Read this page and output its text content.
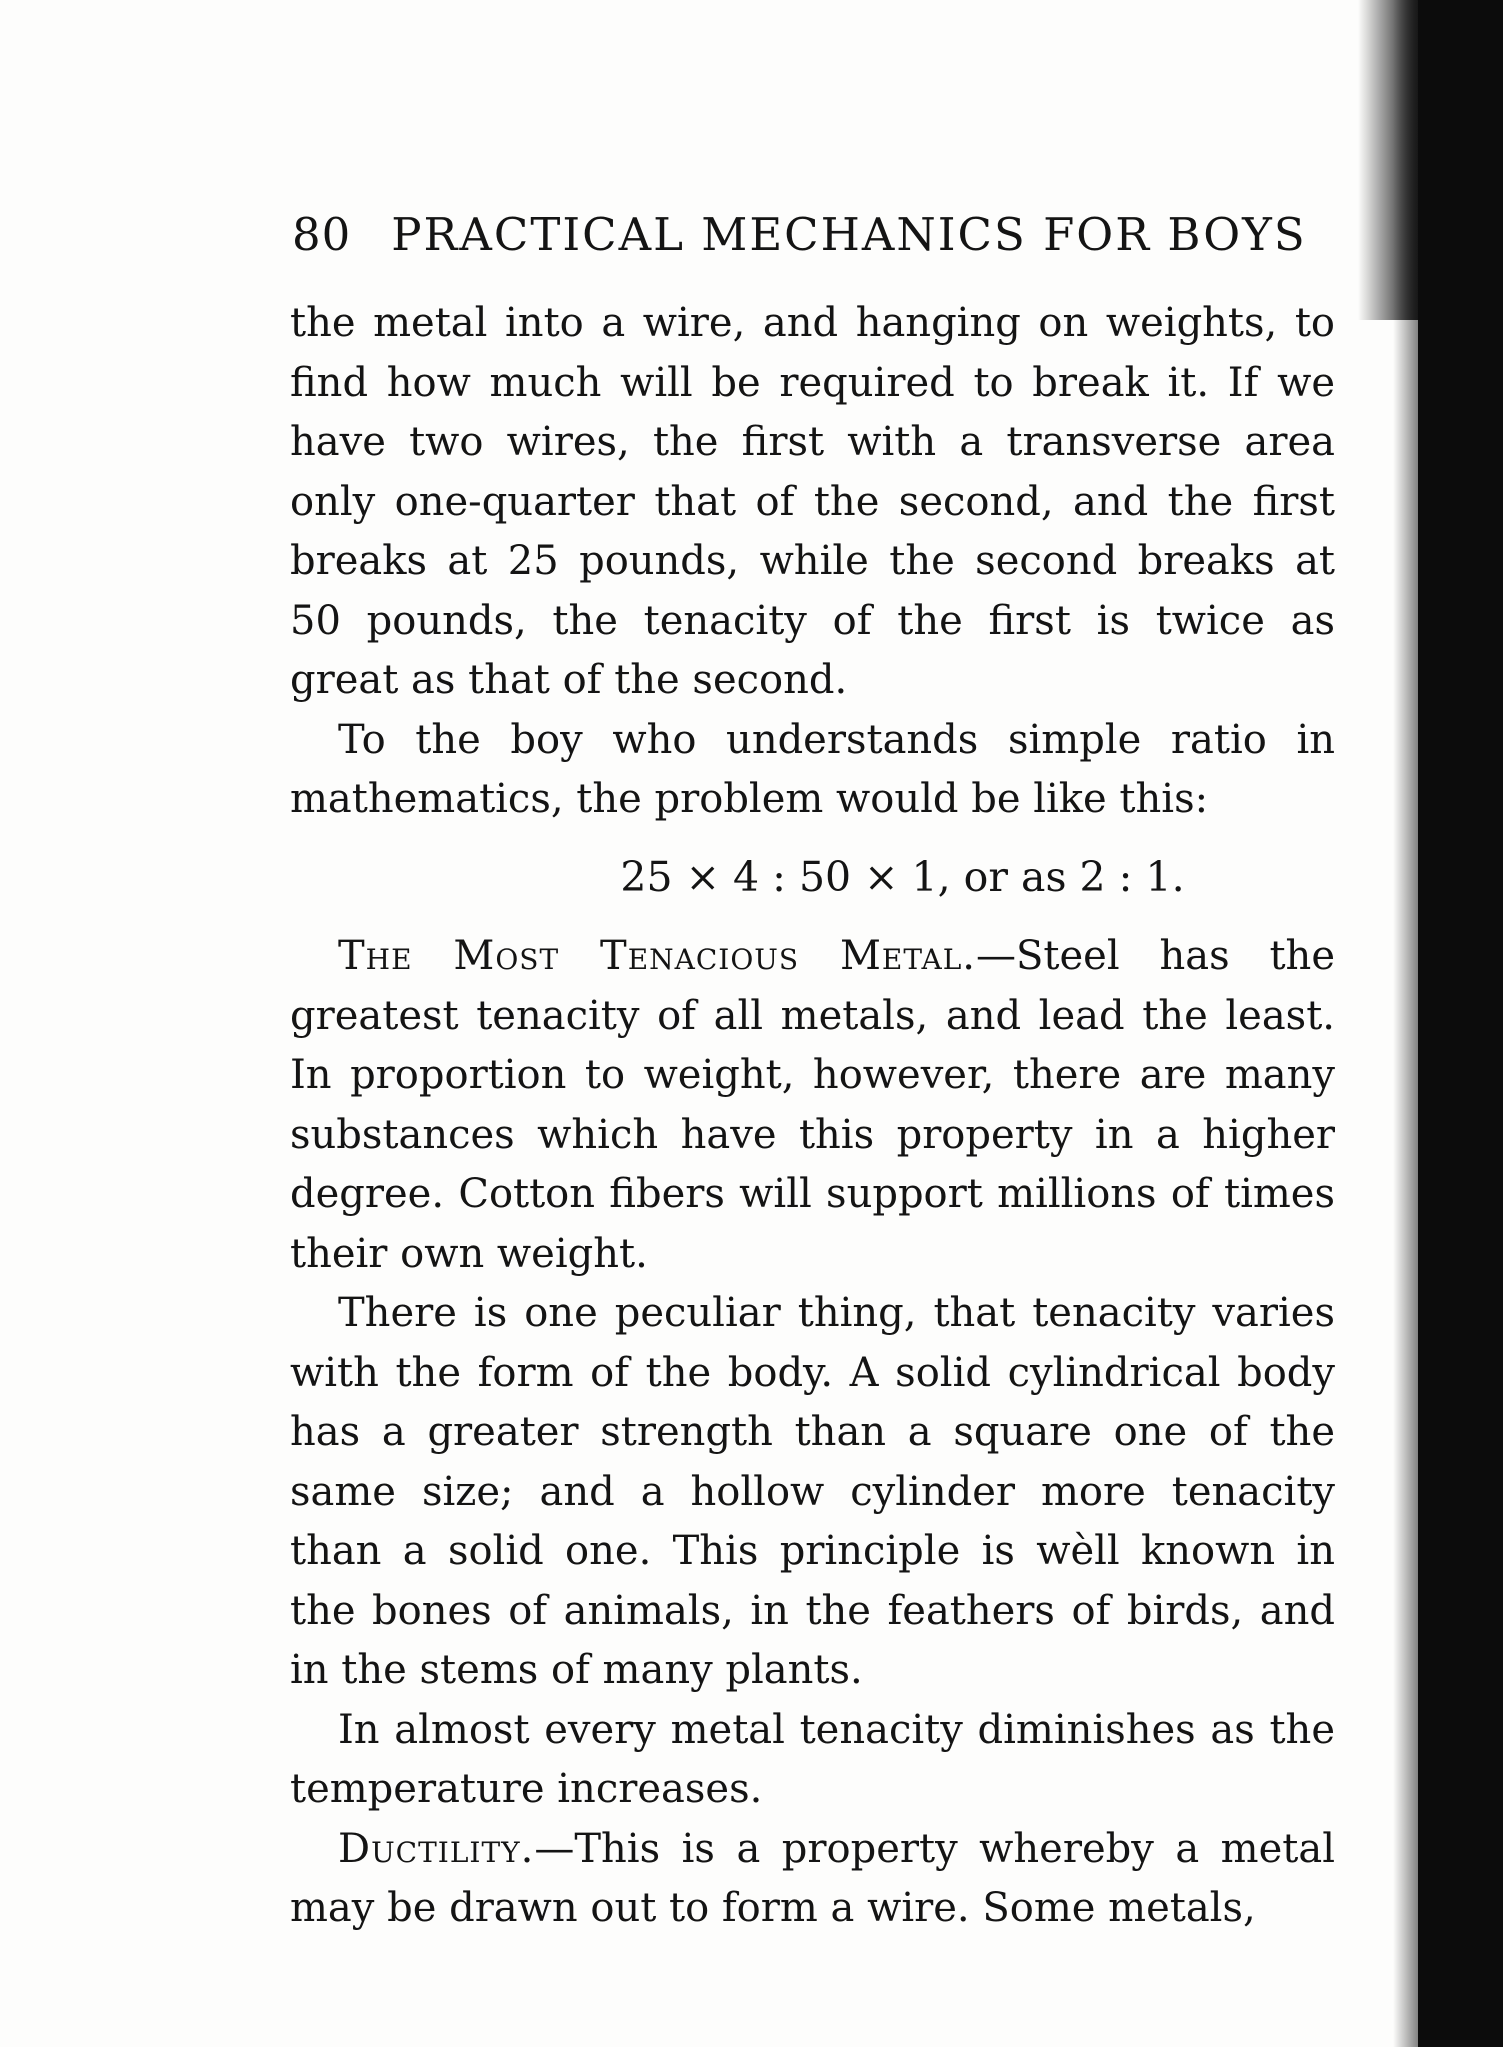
80 PRACTICAL MECHANICS FOR BOYS

the metal into a wire, and hanging on weights, to find how much will be required to break it. If we have two wires, the first with a transverse area only one-quarter that of the second, and the first breaks at 25 pounds, while the second breaks at 50 pounds, the tenacity of the first is twice as great as that of the second.

To the boy who understands simple ratio in mathematics, the problem would be like this:

25 × 4 : 50 × 1, or as 2 : 1.

The Most Tenacious Metal.—Steel has the greatest tenacity of all metals, and lead the least. In proportion to weight, however, there are many substances which have this property in a higher degree. Cotton fibers will support millions of times their own weight.

There is one peculiar thing, that tenacity varies with the form of the body. A solid cylindrical body has a greater strength than a square one of the same size; and a hollow cylinder more tenacity than a solid one. This principle is wèll known in the bones of animals, in the feathers of birds, and in the stems of many plants.

In almost every metal tenacity diminishes as the temperature increases.

Ductility.—This is a property whereby a metal may be drawn out to form a wire. Some metals,
